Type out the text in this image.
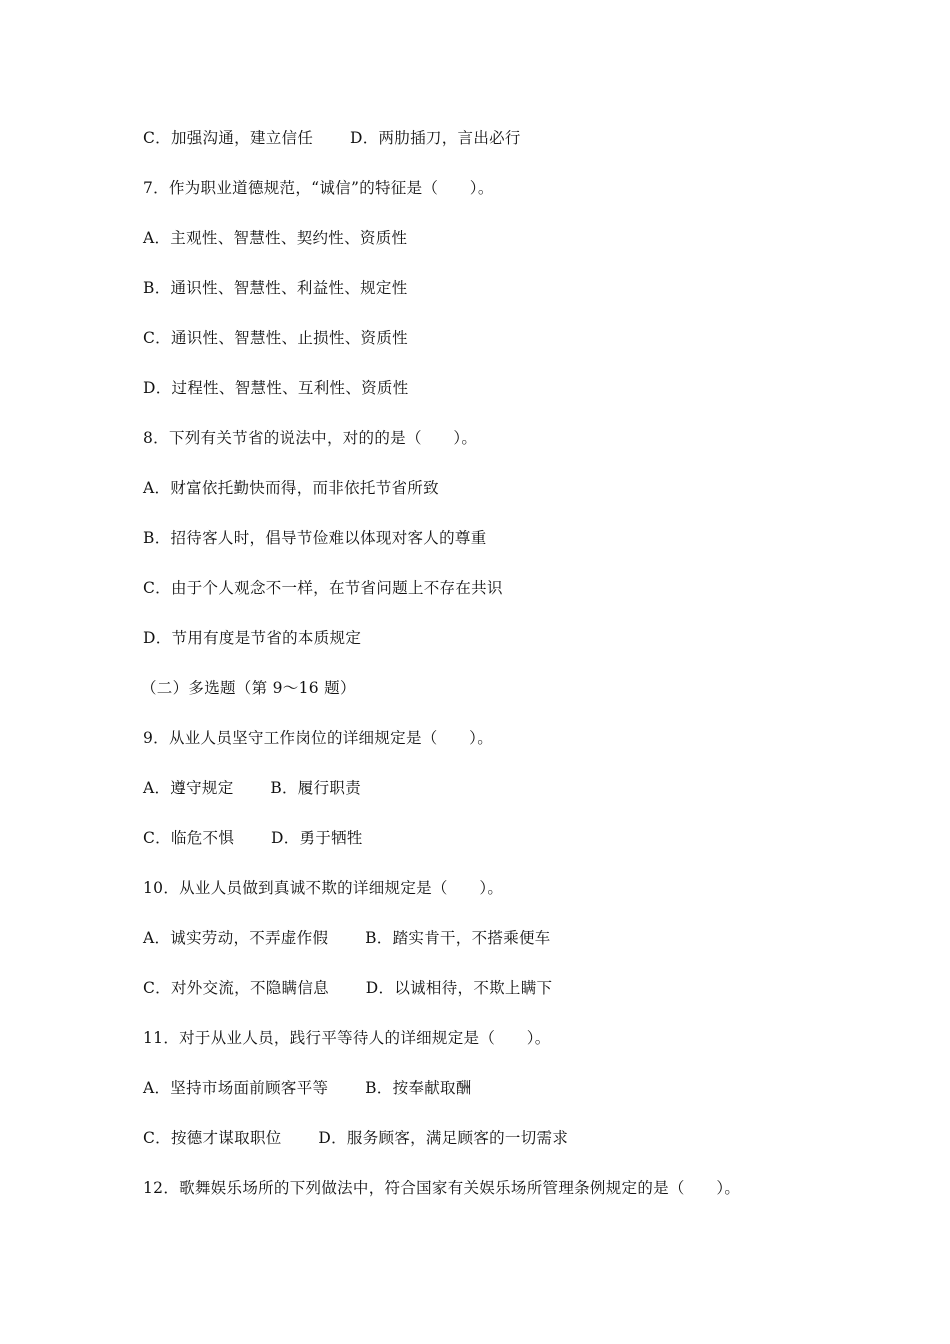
C．加强沟通，建立信任　　 D．两肋插刀，言出必行
7．作为职业道德规范，“诚信”的特征是（　　）。
A．主观性、智慧性、契约性、资质性
B．通识性、智慧性、利益性、规定性
C．通识性、智慧性、止损性、资质性
D．过程性、智慧性、互利性、资质性
8．下列有关节省的说法中，对的的是（　　）。
A．财富依托勤快而得，而非依托节省所致
B．招待客人时，倡导节俭难以体现对客人的尊重
C．由于个人观念不一样，在节省问题上不存在共识
D．节用有度是节省的本质规定
（二）多选题（第 9～16 题）
9．从业人员坚守工作岗位的详细规定是（　　）。
A．遵守规定　　 B．履行职责
C．临危不惧　　 D．勇于牺牲
10．从业人员做到真诚不欺的详细规定是（　　）。
A．诚实劳动，不弄虚作假　　 B．踏实肯干，不搭乘便车
C．对外交流，不隐瞒信息　　 D．以诚相待，不欺上瞒下
11．对于从业人员，践行平等待人的详细规定是（　　）。
A．坚持市场面前顾客平等　　 B．按奉献取酬
C．按德才谋取职位　　 D．服务顾客，满足顾客的一切需求
12．歌舞娱乐场所的下列做法中，符合国家有关娱乐场所管理条例规定的是（　　）。
